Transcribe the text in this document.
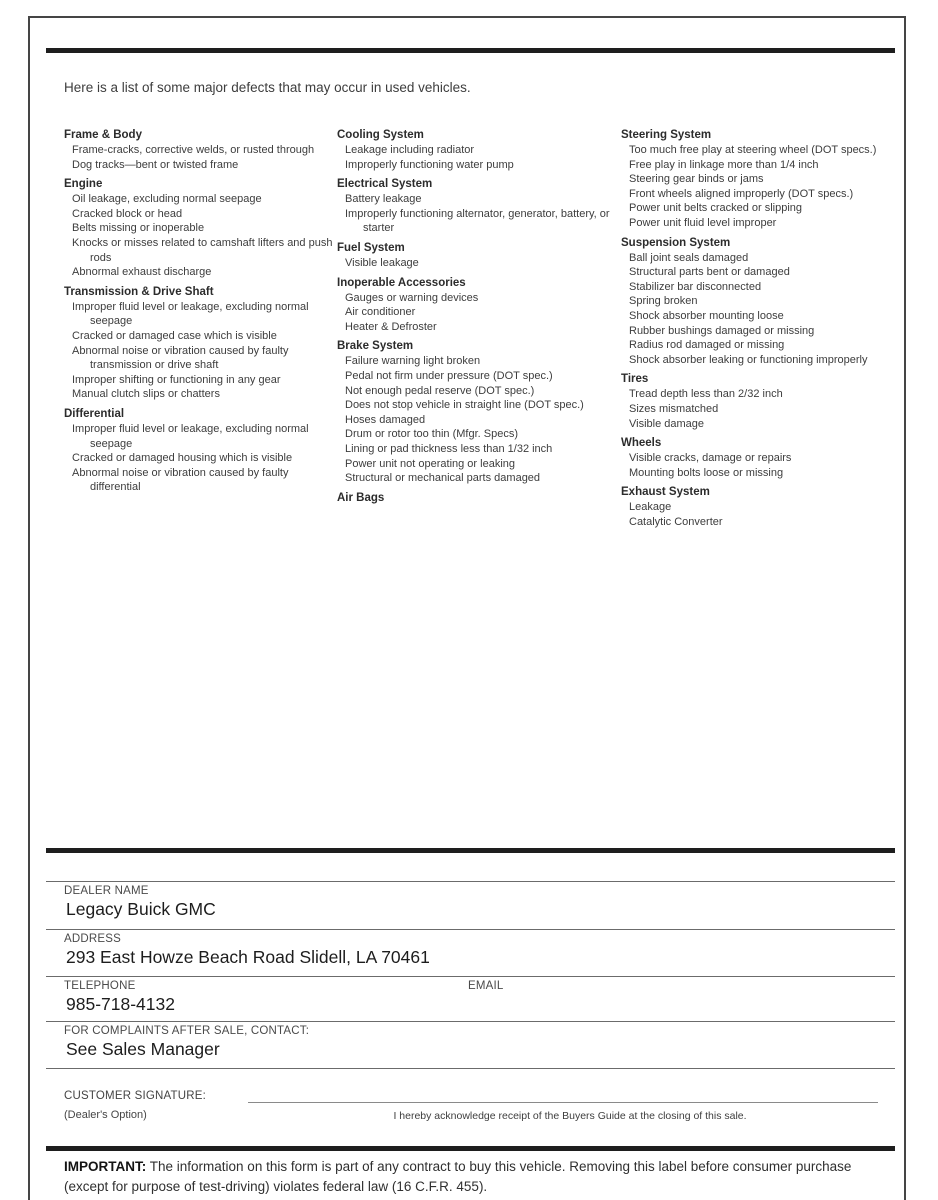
Here is a list of some major defects that may occur in used vehicles.
Frame & Body
Frame-cracks, corrective welds, or rusted through
Dog tracks—bent or twisted frame
Engine
Oil leakage, excluding normal seepage
Cracked block or head
Belts missing or inoperable
Knocks or misses related to camshaft lifters and push rods
Abnormal exhaust discharge
Transmission & Drive Shaft
Improper fluid level or leakage, excluding normal seepage
Cracked or damaged case which is visible
Abnormal noise or vibration caused by faulty transmission or drive shaft
Improper shifting or functioning in any gear
Manual clutch slips or chatters
Differential
Improper fluid level or leakage, excluding normal seepage
Cracked or damaged housing which is visible
Abnormal noise or vibration caused by faulty differential
Cooling System
Leakage including radiator
Improperly functioning water pump
Electrical System
Battery leakage
Improperly functioning alternator, generator, battery, or starter
Fuel System
Visible leakage
Inoperable Accessories
Gauges or warning devices
Air conditioner
Heater & Defroster
Brake System
Failure warning light broken
Pedal not firm under pressure (DOT spec.)
Not enough pedal reserve (DOT spec.)
Does not stop vehicle in straight line (DOT spec.)
Hoses damaged
Drum or rotor too thin (Mfgr. Specs)
Lining or pad thickness less than 1/32 inch
Power unit not operating or leaking
Structural or mechanical parts damaged
Air Bags
Steering System
Too much free play at steering wheel (DOT specs.)
Free play in linkage more than 1/4 inch
Steering gear binds or jams
Front wheels aligned improperly (DOT specs.)
Power unit belts cracked or slipping
Power unit fluid level improper
Suspension System
Ball joint seals damaged
Structural parts bent or damaged
Stabilizer bar disconnected
Spring broken
Shock absorber mounting loose
Rubber bushings damaged or missing
Radius rod damaged or missing
Shock absorber leaking or functioning improperly
Tires
Tread depth less than 2/32 inch
Sizes mismatched
Visible damage
Wheels
Visible cracks, damage or repairs
Mounting bolts loose or missing
Exhaust System
Leakage
Catalytic Converter
DEALER NAME
Legacy Buick GMC
ADDRESS
293 East Howze Beach Road Slidell, LA 70461
TELEPHONE	EMAIL
985-718-4132
FOR COMPLAINTS AFTER SALE, CONTACT:
See Sales Manager
CUSTOMER SIGNATURE:
(Dealer's Option)	I hereby acknowledge receipt of the Buyers Guide at the closing of this sale.
IMPORTANT: The information on this form is part of any contract to buy this vehicle. Removing this label before consumer purchase (except for purpose of test-driving) violates federal law (16 C.F.R. 455).
